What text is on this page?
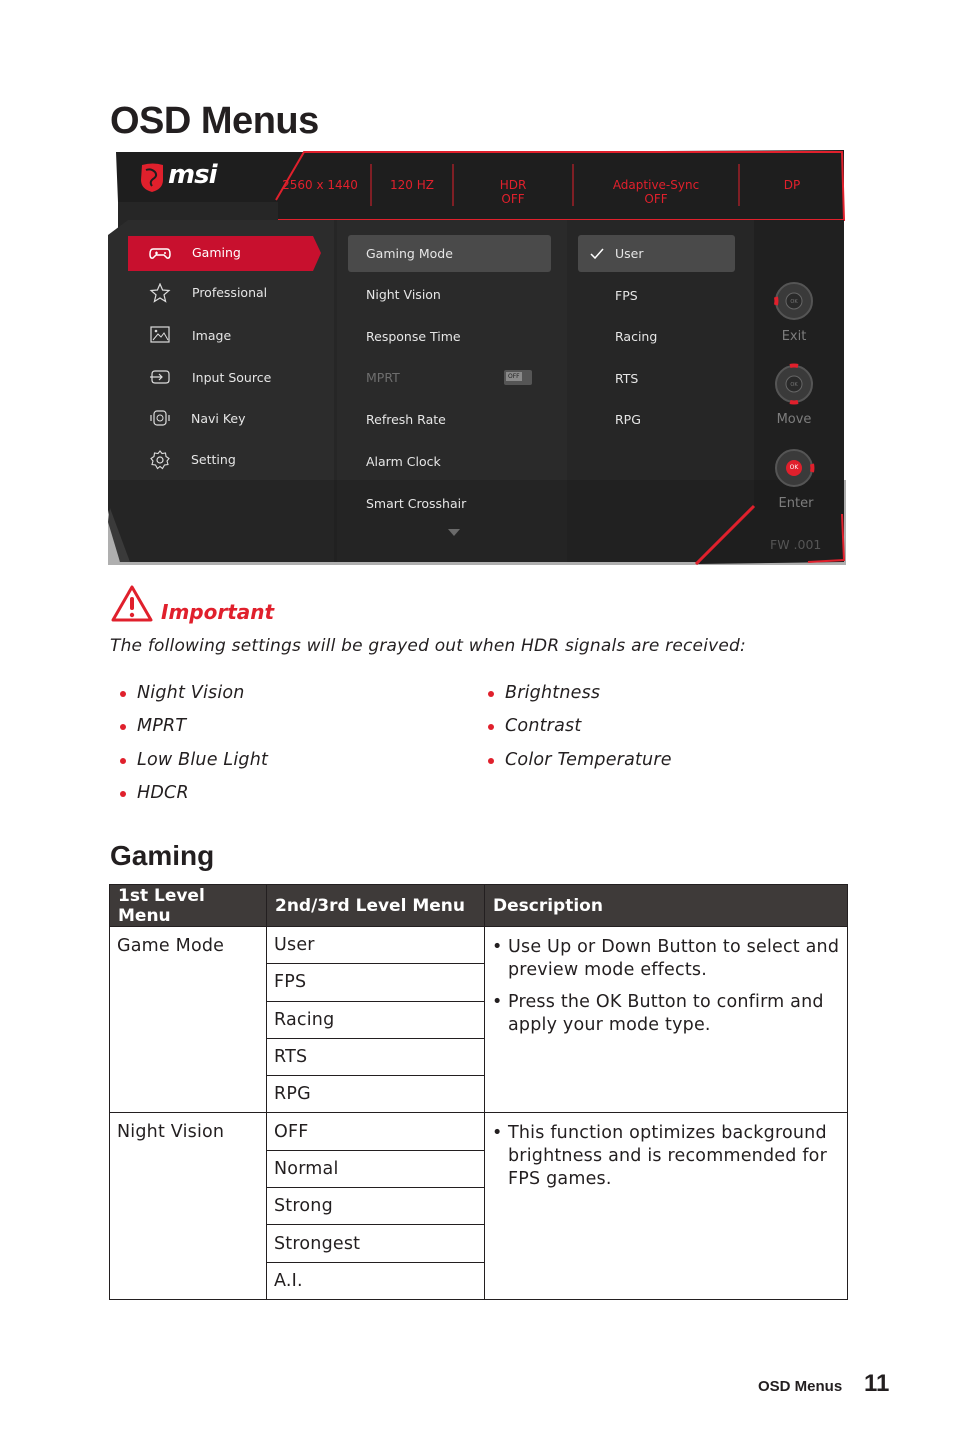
OSD Menus
msi	2560 x 1440	120 HZ	HDR
OFF
Adaptive-Sync
OFF
DP
Gaming
Professional
Image
Input Source
Navi Key
Setting
Gaming Mode
Night Vision
Response Time
MPRT	OFF
Refresh Rate
Alarm Clock
Smart Crosshair
User
FPS
Racing
RTS
RPG
OK
Exit
OK
Move
OK
Enter
FW .001
Important
The following settings will be grayed out when HDR signals are received:
Night Vision
MPRT
Low Blue Light
HDCR
Brightness
Contrast
Color Temperature
Gaming
1st Level Menu	2nd/3rd Level Menu	Description
Game Mode	User	• Use Up or Down Button to select and preview mode effects.
• Press the OK Button to confirm and apply your mode type.

	FPS	
	Racing	
	RTS	
	RPG	
Night Vision	OFF	• This function optimizes background brightness and is recommended for FPS games.

	Normal	
	Strong	
	Strongest	
	A.I.	
OSD Menus 11
